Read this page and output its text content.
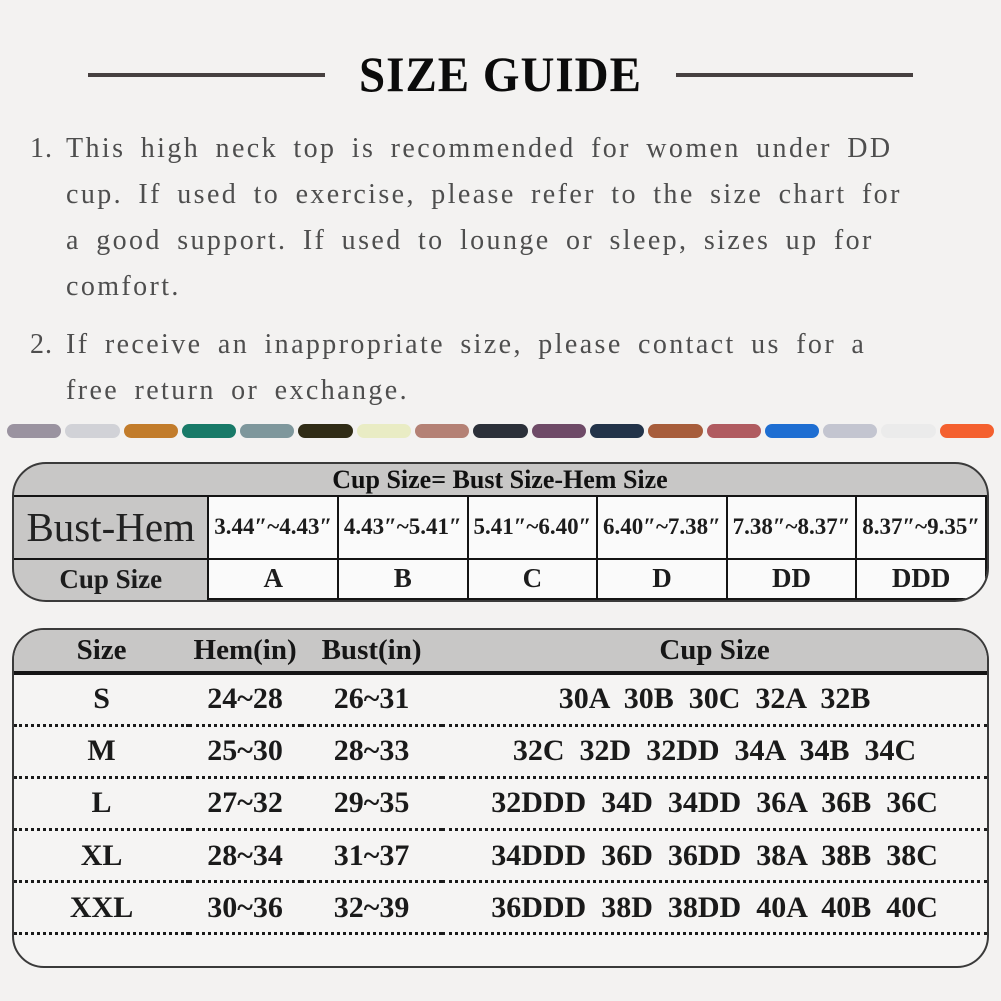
SIZE GUIDE
1. This high neck top is recommended for women under DD
cup. If used to exercise, please refer to the size chart for
a good support. If used to lounge or sleep, sizes up for
comfort.
2. If receive an inappropriate size, please contact us for a
free return or exchange.
Cup Size= Bust Size-Hem Size						
Bust-Hem	3.44″~4.43″	4.43″~5.41″	5.41″~6.40″	6.40″~7.38″	7.38″~8.37″	8.37″~9.35″
Cup Size	A	B	C	D	DD	DDD
Size	Hem(in)	Bust(in)	Cup Size
S	24~28	26~31	30A  30B  30C  32A  32B
M	25~30	28~33	32C  32D  32DD  34A  34B  34C
L	27~32	29~35	32DDD  34D  34DD  36A  36B  36C
XL	28~34	31~37	34DDD  36D  36DD  38A  38B  38C
XXL	30~36	32~39	36DDD  38D  38DD  40A  40B  40C
